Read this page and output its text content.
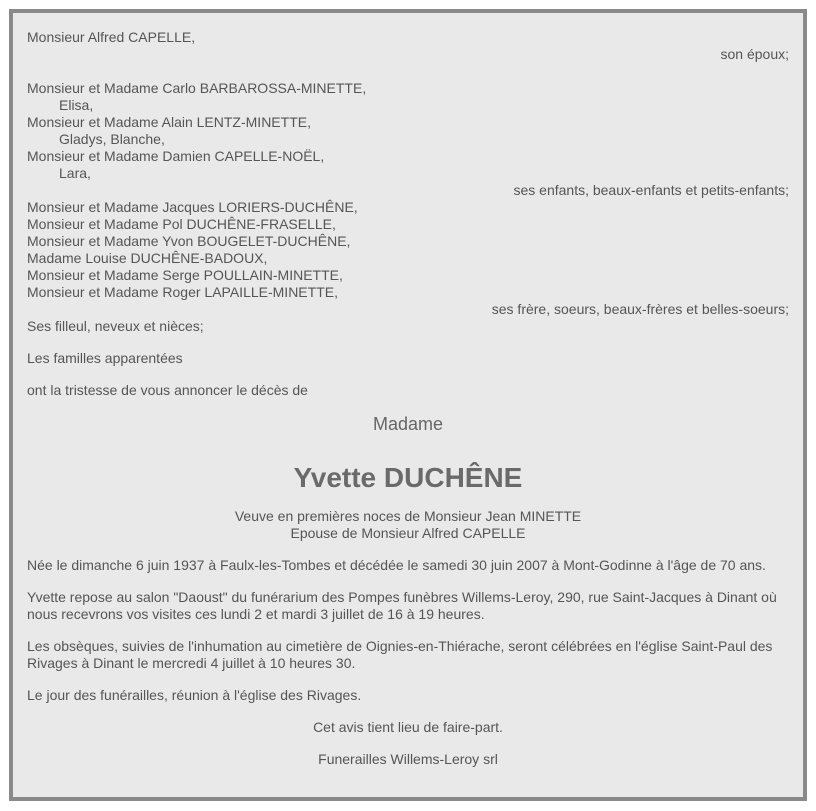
Monsieur Alfred CAPELLE,
son époux;
Monsieur et Madame Carlo BARBAROSSA-MINETTE,
Elisa,
Monsieur et Madame Alain LENTZ-MINETTE,
Gladys, Blanche,
Monsieur et Madame Damien CAPELLE-NOËL,
Lara,
ses enfants, beaux-enfants et petits-enfants;
Monsieur et Madame Jacques LORIERS-DUCHÊNE,
Monsieur et Madame Pol DUCHÊNE-FRASELLE,
Monsieur et Madame Yvon BOUGELET-DUCHÊNE,
Madame Louise DUCHÊNE-BADOUX,
Monsieur et Madame Serge POULLAIN-MINETTE,
Monsieur et Madame Roger LAPAILLE-MINETTE,
ses frère, soeurs, beaux-frères et belles-soeurs;
Ses filleul, neveux et nièces;
Les familles apparentées
ont la tristesse de vous annoncer le décès de
Madame
Yvette DUCHÊNE
Veuve en premières noces de Monsieur Jean MINETTE
Epouse de Monsieur Alfred CAPELLE
Née le dimanche 6 juin 1937 à Faulx-les-Tombes et décédée le samedi 30 juin 2007 à Mont-Godinne à l'âge de 70 ans.
Yvette repose au salon "Daoust" du funérarium des Pompes funèbres Willems-Leroy, 290, rue Saint-Jacques à Dinant où nous recevrons vos visites ces lundi 2 et mardi 3 juillet de 16 à 19 heures.
Les obsèques, suivies de l'inhumation au cimetière de Oignies-en-Thiérache, seront célébrées en l'église Saint-Paul des Rivages à Dinant le mercredi 4 juillet à 10 heures 30.
Le jour des funérailles, réunion à l'église des Rivages.
Cet avis tient lieu de faire-part.
Funerailles Willems-Leroy srl
